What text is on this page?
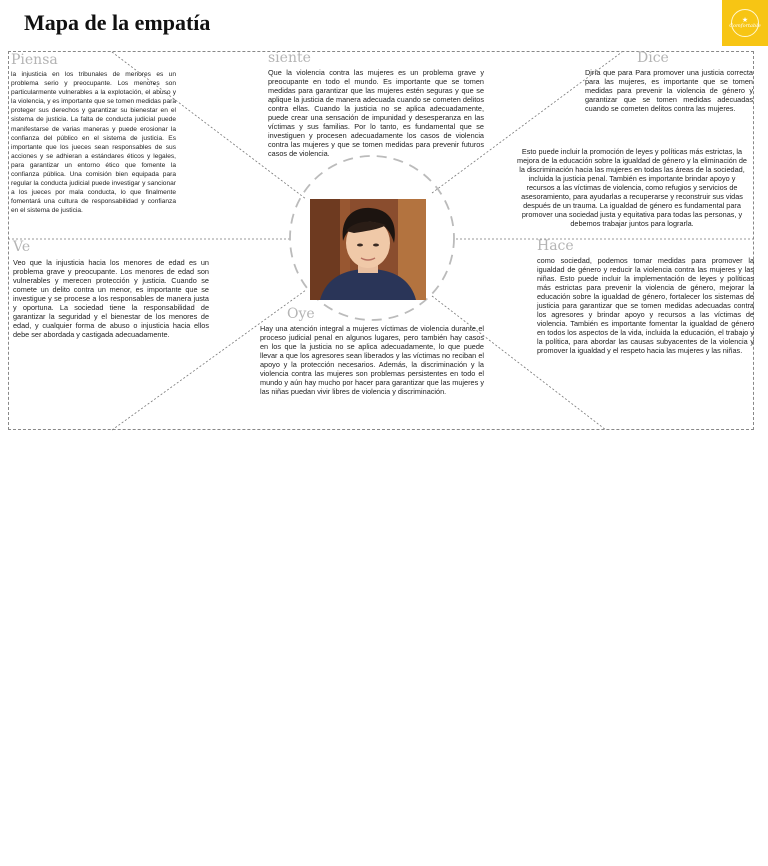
Mapa de la empatía	★
Comfortable
Piensa
la injusticia en los tribunales de menores es un problema serio y preocupante. Los menores son particularmente vulnerables a la explotación, el abuso y la violencia, y es importante que se tomen medidas para proteger sus derechos y garantizar su bienestar en el sistema de justicia. La falta de conducta judicial puede manifestarse de varias maneras y puede erosionar la confianza del público en el sistema de justicia. Es importante que los jueces sean responsables de sus acciones y se adhieran a estándares éticos y legales, para garantizar un entorno ético que fomente la confianza pública. Una comisión bien equipada para regular la conducta judicial puede investigar y sancionar a los jueces por mala conducta, lo que finalmente fomentará una cultura de responsabilidad y confianza en el sistema de justicia.
siente
Que la violencia contra las mujeres es un problema grave y preocupante en todo el mundo. Es importante que se tomen medidas para garantizar que las mujeres estén seguras y que se aplique la justicia de manera adecuada cuando se cometen delitos contra ellas. Cuando la justicia no se aplica adecuadamente, puede crear una sensación de impunidad y desesperanza en las víctimas y sus familias. Por lo tanto, es fundamental que se investiguen y procesen adecuadamente los casos de violencia contra las mujeres y que se tomen medidas para prevenir futuros casos de violencia.
Dice
Diría que para Para promover una justicia correcta para las mujeres, es importante que se tomen medidas para prevenir la violencia de género y garantizar que se tomen medidas adecuadas cuando se cometen delitos contra las mujeres.
Esto puede incluir la promoción de leyes y políticas más estrictas, la mejora de la educación sobre la igualdad de género y la eliminación de la discriminación hacia las mujeres en todas las áreas de la sociedad, incluida la justicia penal. También es importante brindar apoyo y recursos a las víctimas de violencia, como refugios y servicios de asesoramiento, para ayudarlas a recuperarse y reconstruir sus vidas después de un trauma. La igualdad de género es fundamental para promover una sociedad justa y equitativa para todas las personas, y debemos trabajar juntos para lograrla.
Ve
Veo que la injusticia hacia los menores de edad es un problema grave y preocupante. Los menores de edad son vulnerables y merecen protección y justicia. Cuando se comete un delito contra un menor, es importante que se investigue y se procese a los responsables de manera justa y oportuna. La sociedad tiene la responsabilidad de garantizar la seguridad y el bienestar de los menores de edad, y cualquier forma de abuso o injusticia hacia ellos debe ser abordada y castigada adecuadamente.
Hace
como sociedad, podemos tomar medidas para promover la igualdad de género y reducir la violencia contra las mujeres y las niñas. Esto puede incluir la implementación de leyes y políticas más estrictas para prevenir la violencia de género, mejorar la educación sobre la igualdad de género, fortalecer los sistemas de justicia para garantizar que se tomen medidas adecuadas contra los agresores y brindar apoyo y recursos a las víctimas de violencia. También es importante fomentar la igualdad de género en todos los aspectos de la vida, incluida la educación, el trabajo y la política, para abordar las causas subyacentes de la violencia y promover la igualdad y el respeto hacia las mujeres y las niñas.
Oye
Hay una atención integral a mujeres víctimas de violencia durante el proceso judicial penal en algunos lugares, pero también hay casos en los que la justicia no se aplica adecuadamente, lo que puede llevar a que los agresores sean liberados y las víctimas no reciban el apoyo y la protección necesarios. Además, la discriminación y la violencia contra las mujeres son problemas persistentes en todo el mundo y aún hay mucho por hacer para garantizar que las mujeres y las niñas puedan vivir libres de violencia y discriminación.
